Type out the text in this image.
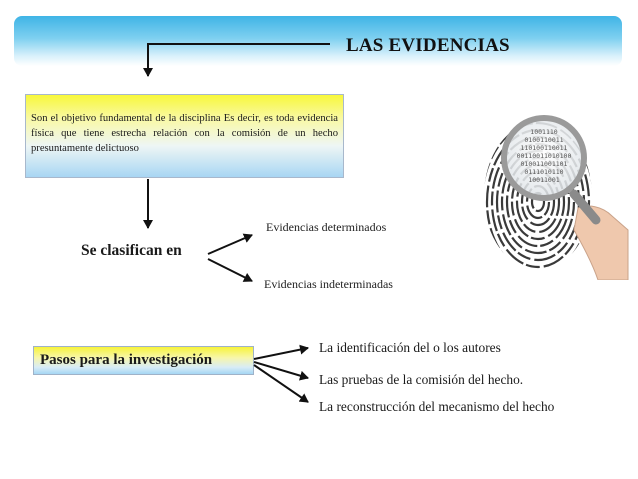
LAS EVIDENCIAS
Son el objetivo fundamental de la disciplina Es decir, es toda evidencia física que tiene estrecha relación con la comisión de un hecho presuntamente delictuoso
Se clasifican en
Evidencias determinados
Evidencias indeterminadas
Pasos para la investigación
La identificación del o los autores
Las pruebas de la comisión del hecho.
La reconstrucción del mecanismo del hecho
1001110
0100110011
110100110011
00110011010100
010011001101
0111010110
10011001
